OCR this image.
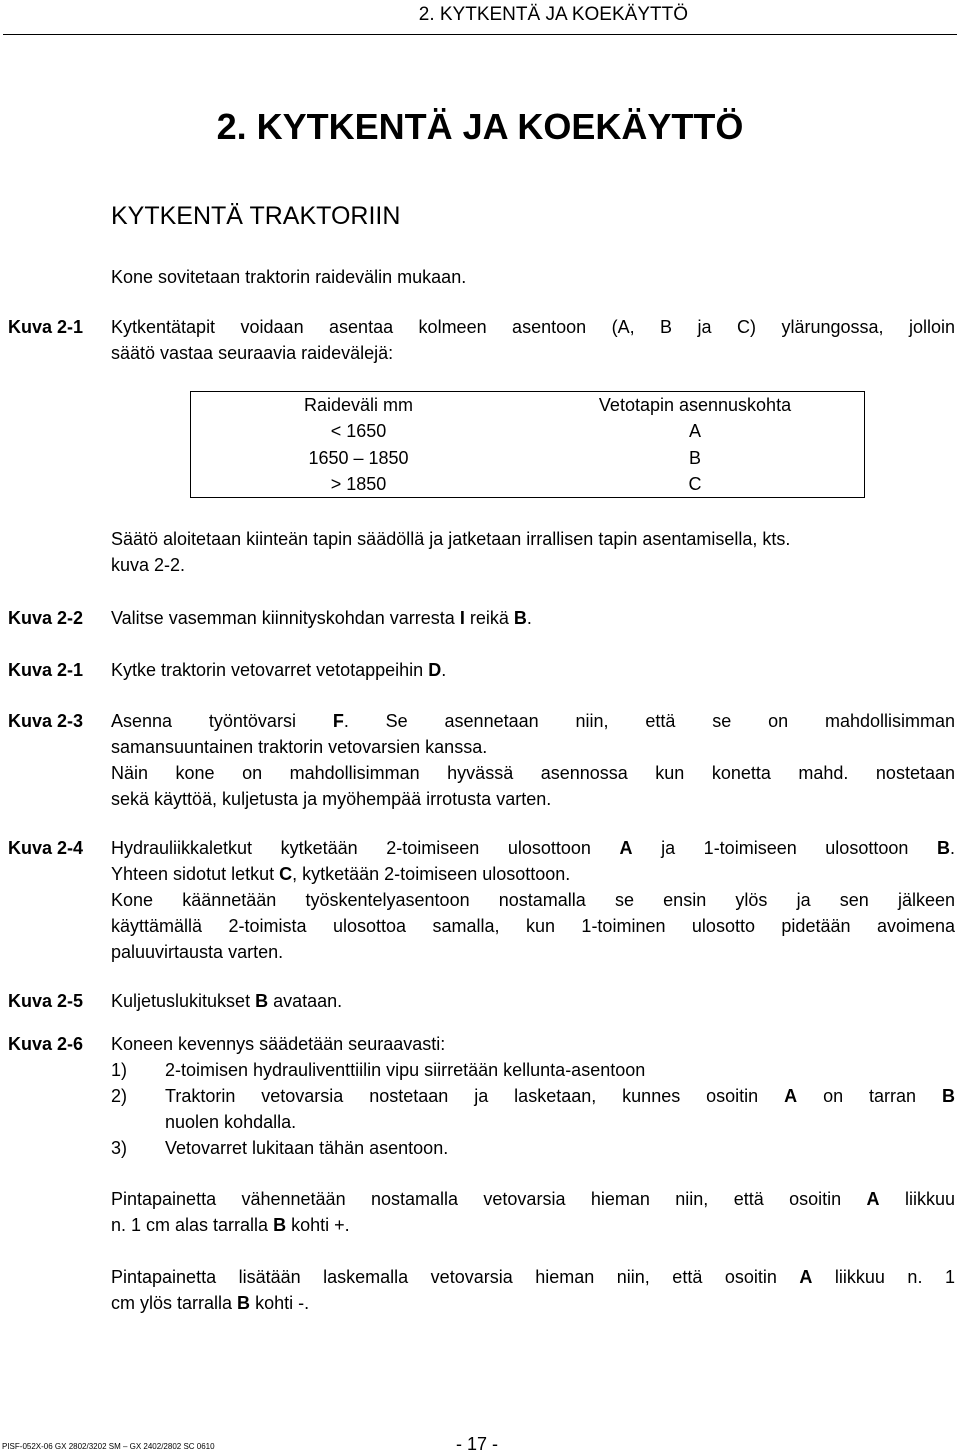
2. KYTKENTÄ JA KOEKÄYTTÖ
2. KYTKENTÄ JA KOEKÄYTTÖ
KYTKENTÄ TRAKTORIIN
Kone sovitetaan traktorin raidevälin mukaan.
Kuva 2-1 Kytkentätapit voidaan asentaa kolmeen asentoon (A, B ja C) ylärungossa, jolloin
säätö vastaa seuraavia raidevälejä:
Raideväli mm	Vetotapin asennuskohta
< 1650	A
1650 – 1850	B
> 1850	C
Säätö aloitetaan kiinteän tapin säädöllä ja jatketaan irrallisen tapin asentamisella, kts.
kuva 2-2.
Kuva 2-2 Valitse vasemman kiinnityskohdan varresta I reikä B.
Kuva 2-1 Kytke traktorin vetovarret vetotappeihin D.
Kuva 2-3 Asenna työntövarsi F. Se asennetaan niin, että se on mahdollisimman
samansuuntainen traktorin vetovarsien kanssa.
Näin kone on mahdollisimman hyvässä asennossa kun konetta mahd. nostetaan
sekä käyttöä, kuljetusta ja myöhempää irrotusta varten.
Kuva 2-4 Hydrauliikkaletkut kytketään 2-toimiseen ulosottoon A ja 1-toimiseen ulosottoon B.
Yhteen sidotut letkut C, kytketään 2-toimiseen ulosottoon.
Kone käännetään työskentelyasentoon nostamalla se ensin ylös ja sen jälkeen
käyttämällä 2-toimista ulosottoa samalla, kun 1-toiminen ulosotto pidetään avoimena
paluuvirtausta varten.
Kuva 2-5 Kuljetuslukitukset B avataan.
Kuva 2-6 Koneen kevennys säädetään seuraavasti:
1) 2-toimisen hydrauliventtiilin vipu siirretään kellunta-asentoon
2)	Traktorin vetovarsia nostetaan ja lasketaan, kunnes osoitin A on tarran B
nuolen kohdalla.
3) Vetovarret lukitaan tähän asentoon.
Pintapainetta vähennetään nostamalla vetovarsia hieman niin, että osoitin A liikkuu
n. 1 cm alas tarralla B kohti +.
Pintapainetta lisätään laskemalla vetovarsia hieman niin, että osoitin A liikkuu n. 1
cm ylös tarralla B kohti -.
PISF-052X-06 GX 2802/3202 SM – GX 2402/2802 SC 0610	- 17 -
